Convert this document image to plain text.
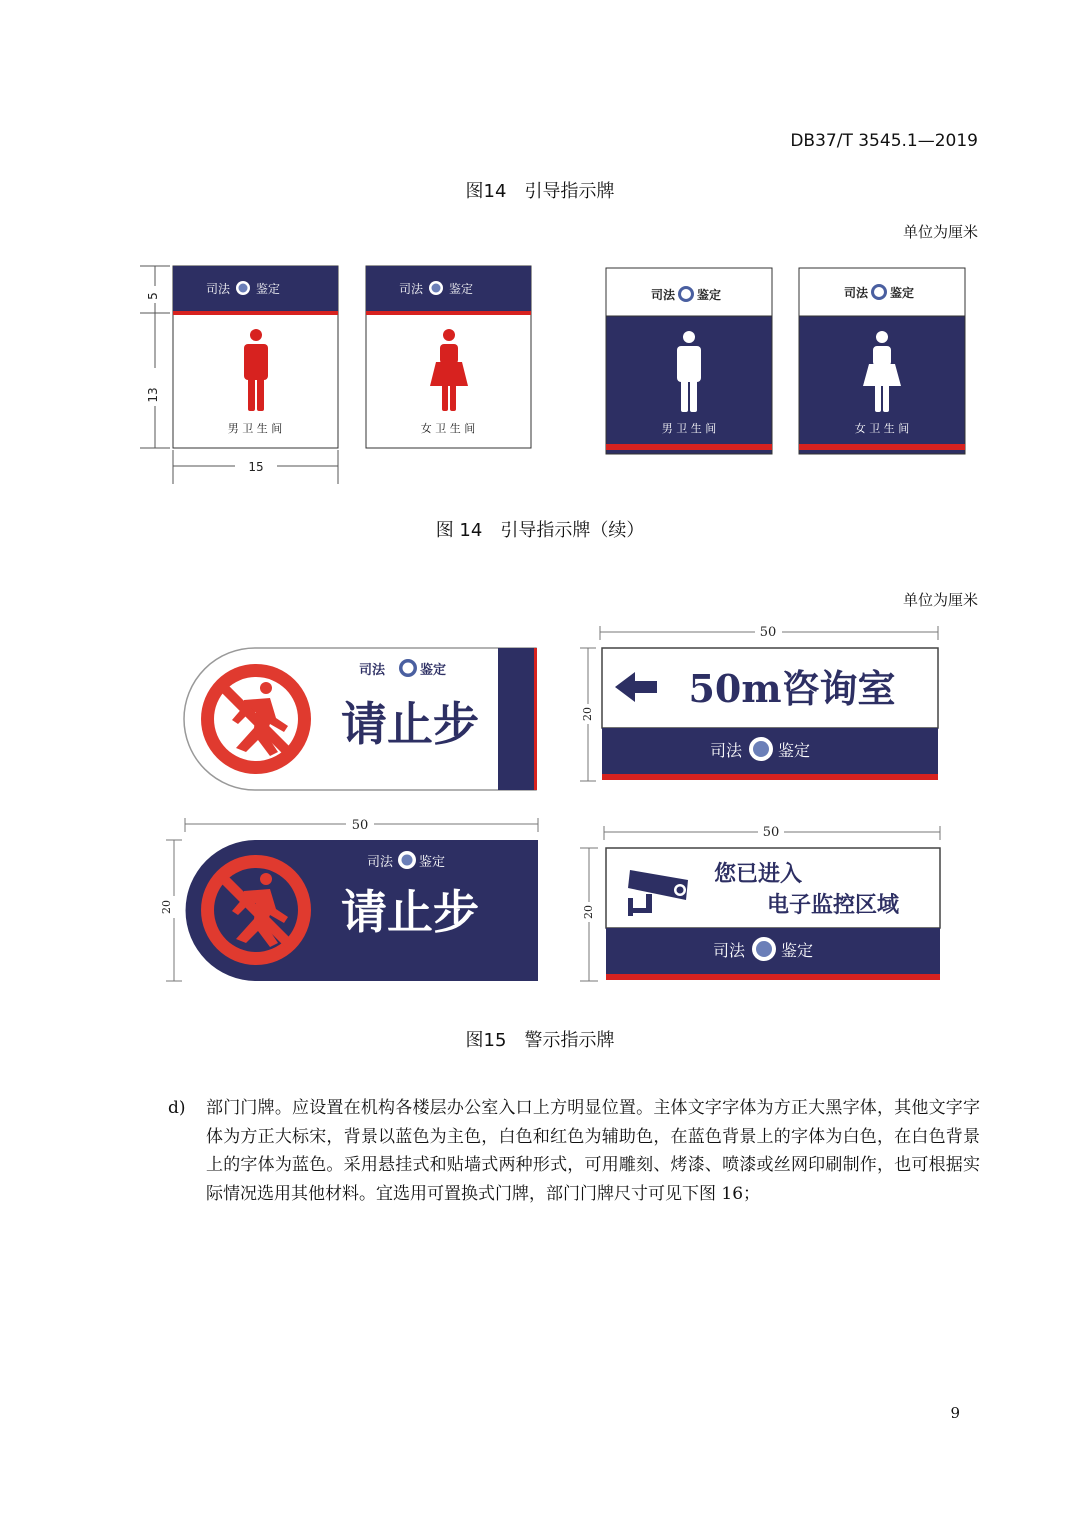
DB37/T 3545.1—2019
图14　引导指示牌
单位为厘米
5
13
15
司法 鉴定
男 卫 生 间
司法 鉴定
女 卫 生 间
司法 鉴定
男 卫 生 间
司法 鉴定
女 卫 生 间
图 14　引导指示牌（续）
单位为厘米
司法	鉴定
请止步
50
20
50m咨询室
司法 鉴定
50
20
司法 鉴定
请止步
50
20
您已进入
电子监控区域
司法 鉴定
图15　警示指示牌
d) 部门门牌。应设置在机构各楼层办公室入口上方明显位置。主体文字字体为方正大黑字体，其他文字字体为方正大标宋，背景以蓝色为主色，白色和红色为辅助色，在蓝色背景上的字体为白色，在白色背景上的字体为蓝色。采用悬挂式和贴墙式两种形式，可用雕刻、烤漆、喷漆或丝网印刷制作，也可根据实际情况选用其他材料。宜选用可置换式门牌，部门门牌尺寸可见下图 16；
9
